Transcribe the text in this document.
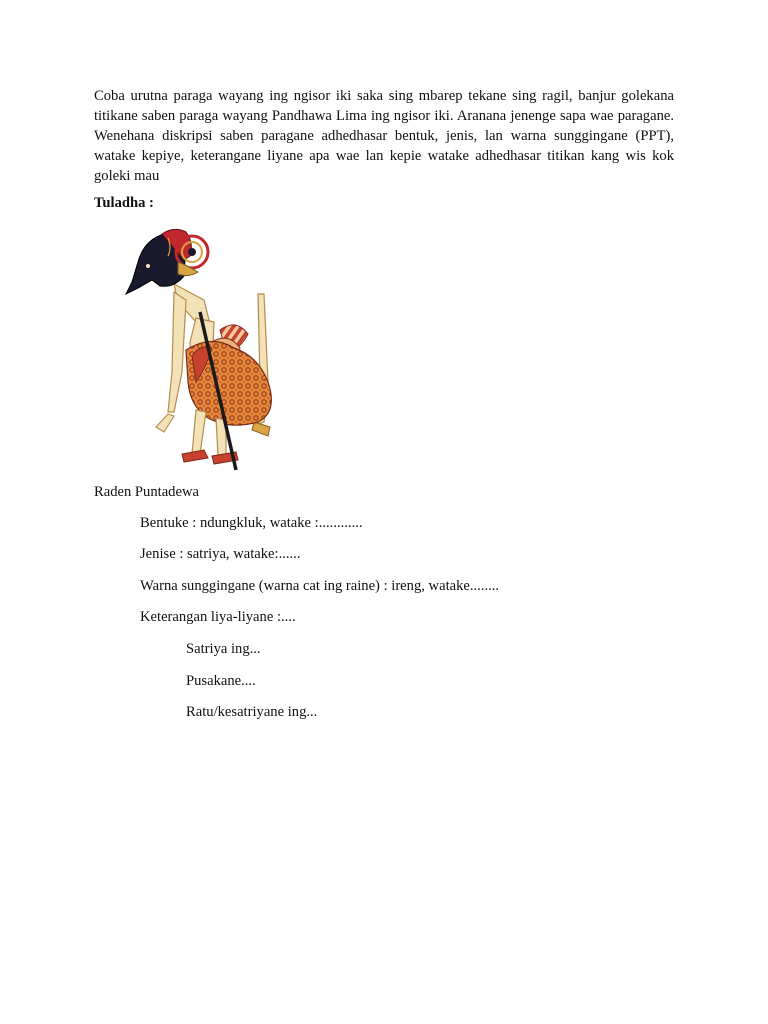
Coba urutna paraga wayang ing ngisor iki saka sing mbarep tekane sing ragil, banjur golekana titikane saben paraga wayang Pandhawa Lima ing ngisor iki. Aranana jenenge sapa wae paragane. Wenehana diskripsi saben paragane adhedhasar bentuk, jenis, lan warna sunggingane (PPT), watake kepiye, keterangane liyane apa wae lan kepie watake adhedhasar titikan kang wis kok goleki mau

Tuladha :

Raden Puntadewa

Bentuke : ndungkluk, watake :............

Jenise : satriya, watake:......

Warna sunggingane (warna cat ing raine) : ireng, watake........

Keterangan liya-liyane :....

Satriya ing...

Pusakane....

Ratu/kesatriyane ing...
